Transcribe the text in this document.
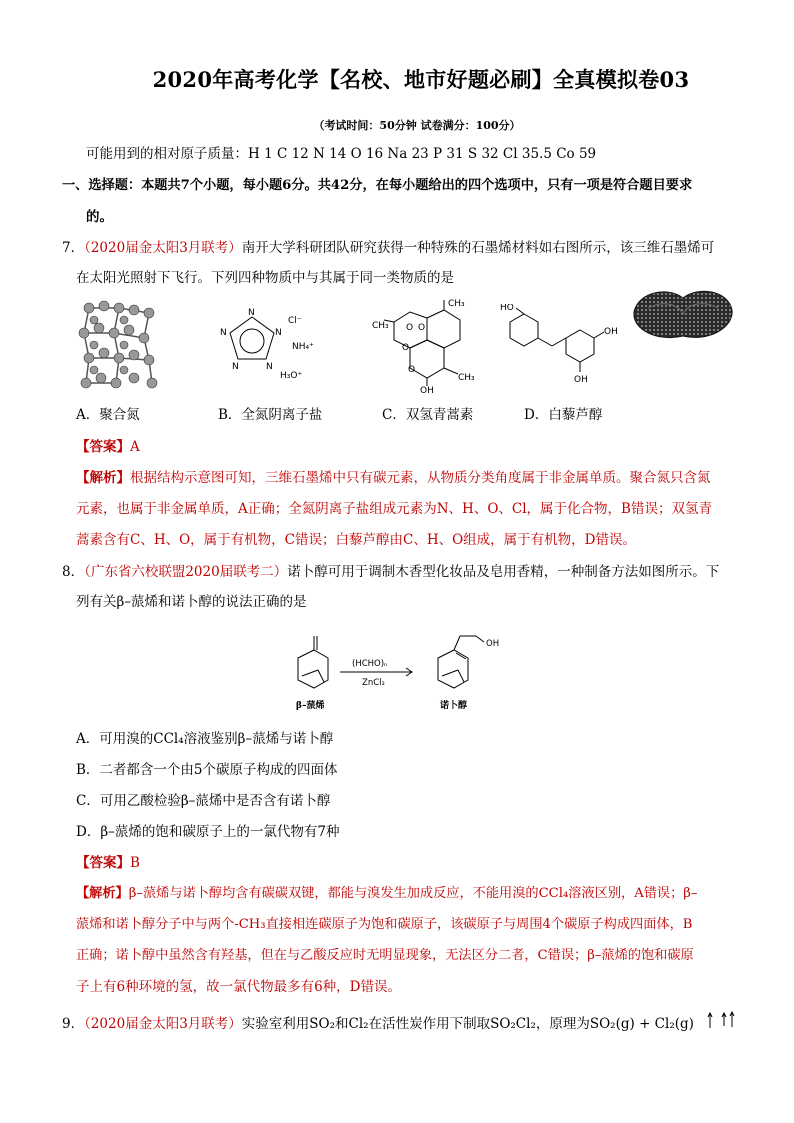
2020年高考化学【名校、地市好题必刷】全真模拟卷03
（考试时间：50分钟 试卷满分：100分）
可能用到的相对原子质量：H 1 C 12 N 14 O 16 Na 23 P 31 S 32 Cl 35.5 Co 59
一、选择题：本题共7个小题，每小题6分。共42分，在每小题给出的四个选项中，只有一项是符合题目要求
的。
7．（2020届金太阳3月联考）南开大学科研团队研究获得一种特殊的石墨烯材料如右图所示，该三维石墨烯可
在太阳光照射下飞行。下列四种物质中与其属于同一类物质的是
N
N
N
N
N
Cl⁻
NH₄⁺
H₃O⁺
CH₃
CH₃ O O
O
O
CH₃
OH
HO
OH
OH
A．聚合氮	B．全氮阴离子盐	C．双氢青蒿素	D．白藜芦醇
【答案】A
【解析】根据结构示意图可知，三维石墨烯中只有碳元素，从物质分类角度属于非金属单质。聚合氮只含氮
元素，也属于非金属单质，A正确；全氮阴离子盐组成元素为N、H、O、Cl，属于化合物，B错误；双氢青
蒿素含有C、H、O，属于有机物，C错误；白藜芦醇由C、H、O组成，属于有机物，D错误。
8．（广东省六校联盟2020届联考二）诺卜醇可用于调制木香型化妆品及皂用香精，一种制备方法如图所示。下
列有关β–蒎烯和诺卜醇的说法正确的是
(HCHO)ₙ
ZnCl₂
OH
β–蒎烯	诺卜醇
A．可用溴的CCl₄溶液鉴别β–蒎烯与诺卜醇
B．二者都含一个由5个碳原子构成的四面体
C．可用乙酸检验β–蒎烯中是否含有诺卜醇
D．β–蒎烯的饱和碳原子上的一氯代物有7种
【答案】B
【解析】β–蒎烯与诺卜醇均含有碳碳双键，都能与溴发生加成反应，不能用溴的CCl₄溶液区别，A错误；β–
蒎烯和诺卜醇分子中与两个-CH₃直接相连碳原子为饱和碳原子，该碳原子与周围4个碳原子构成四面体，B
正确；诺卜醇中虽然含有羟基，但在与乙酸反应时无明显现象，无法区分二者，C错误；β–蒎烯的饱和碳原
子上有6种环境的氢，故一氯代物最多有6种，D错误。
9．（2020届金太阳3月联考）实验室利用SO₂和Cl₂在活性炭作用下制取SO₂Cl₂，原理为SO₂(g) + Cl₂(g)
